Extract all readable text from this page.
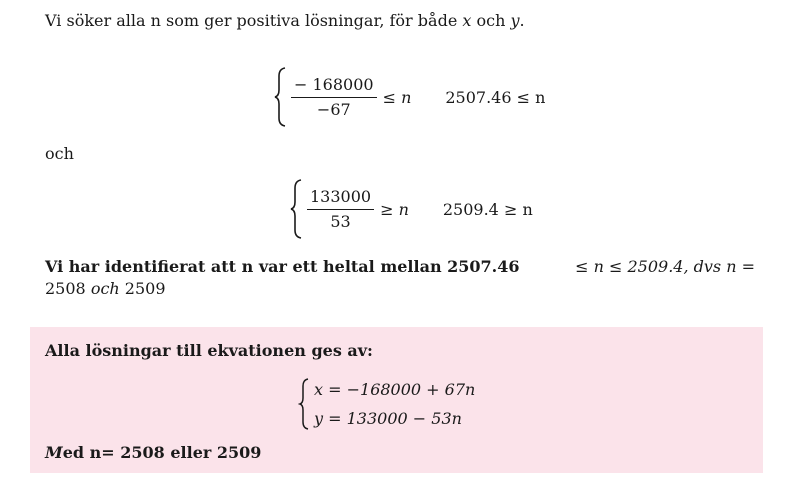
Vi söker alla n som ger positiva lösningar, för både x och y.
$\frac{- 168000}{-67} \le n$ 2507.46 ≤ n
och
$\frac{133000}{53} \ge n$ 2509.4 ≥ n
Vi har identifierat att n var ett heltal mellan 2507.46	≤ n ≤ 2509.4, dvs n =
2508 och 2509
Alla lösningar till ekvationen ges av:
x = −168000 + 67n
y = 133000 − 53n
Med n= 2508 eller 2509
